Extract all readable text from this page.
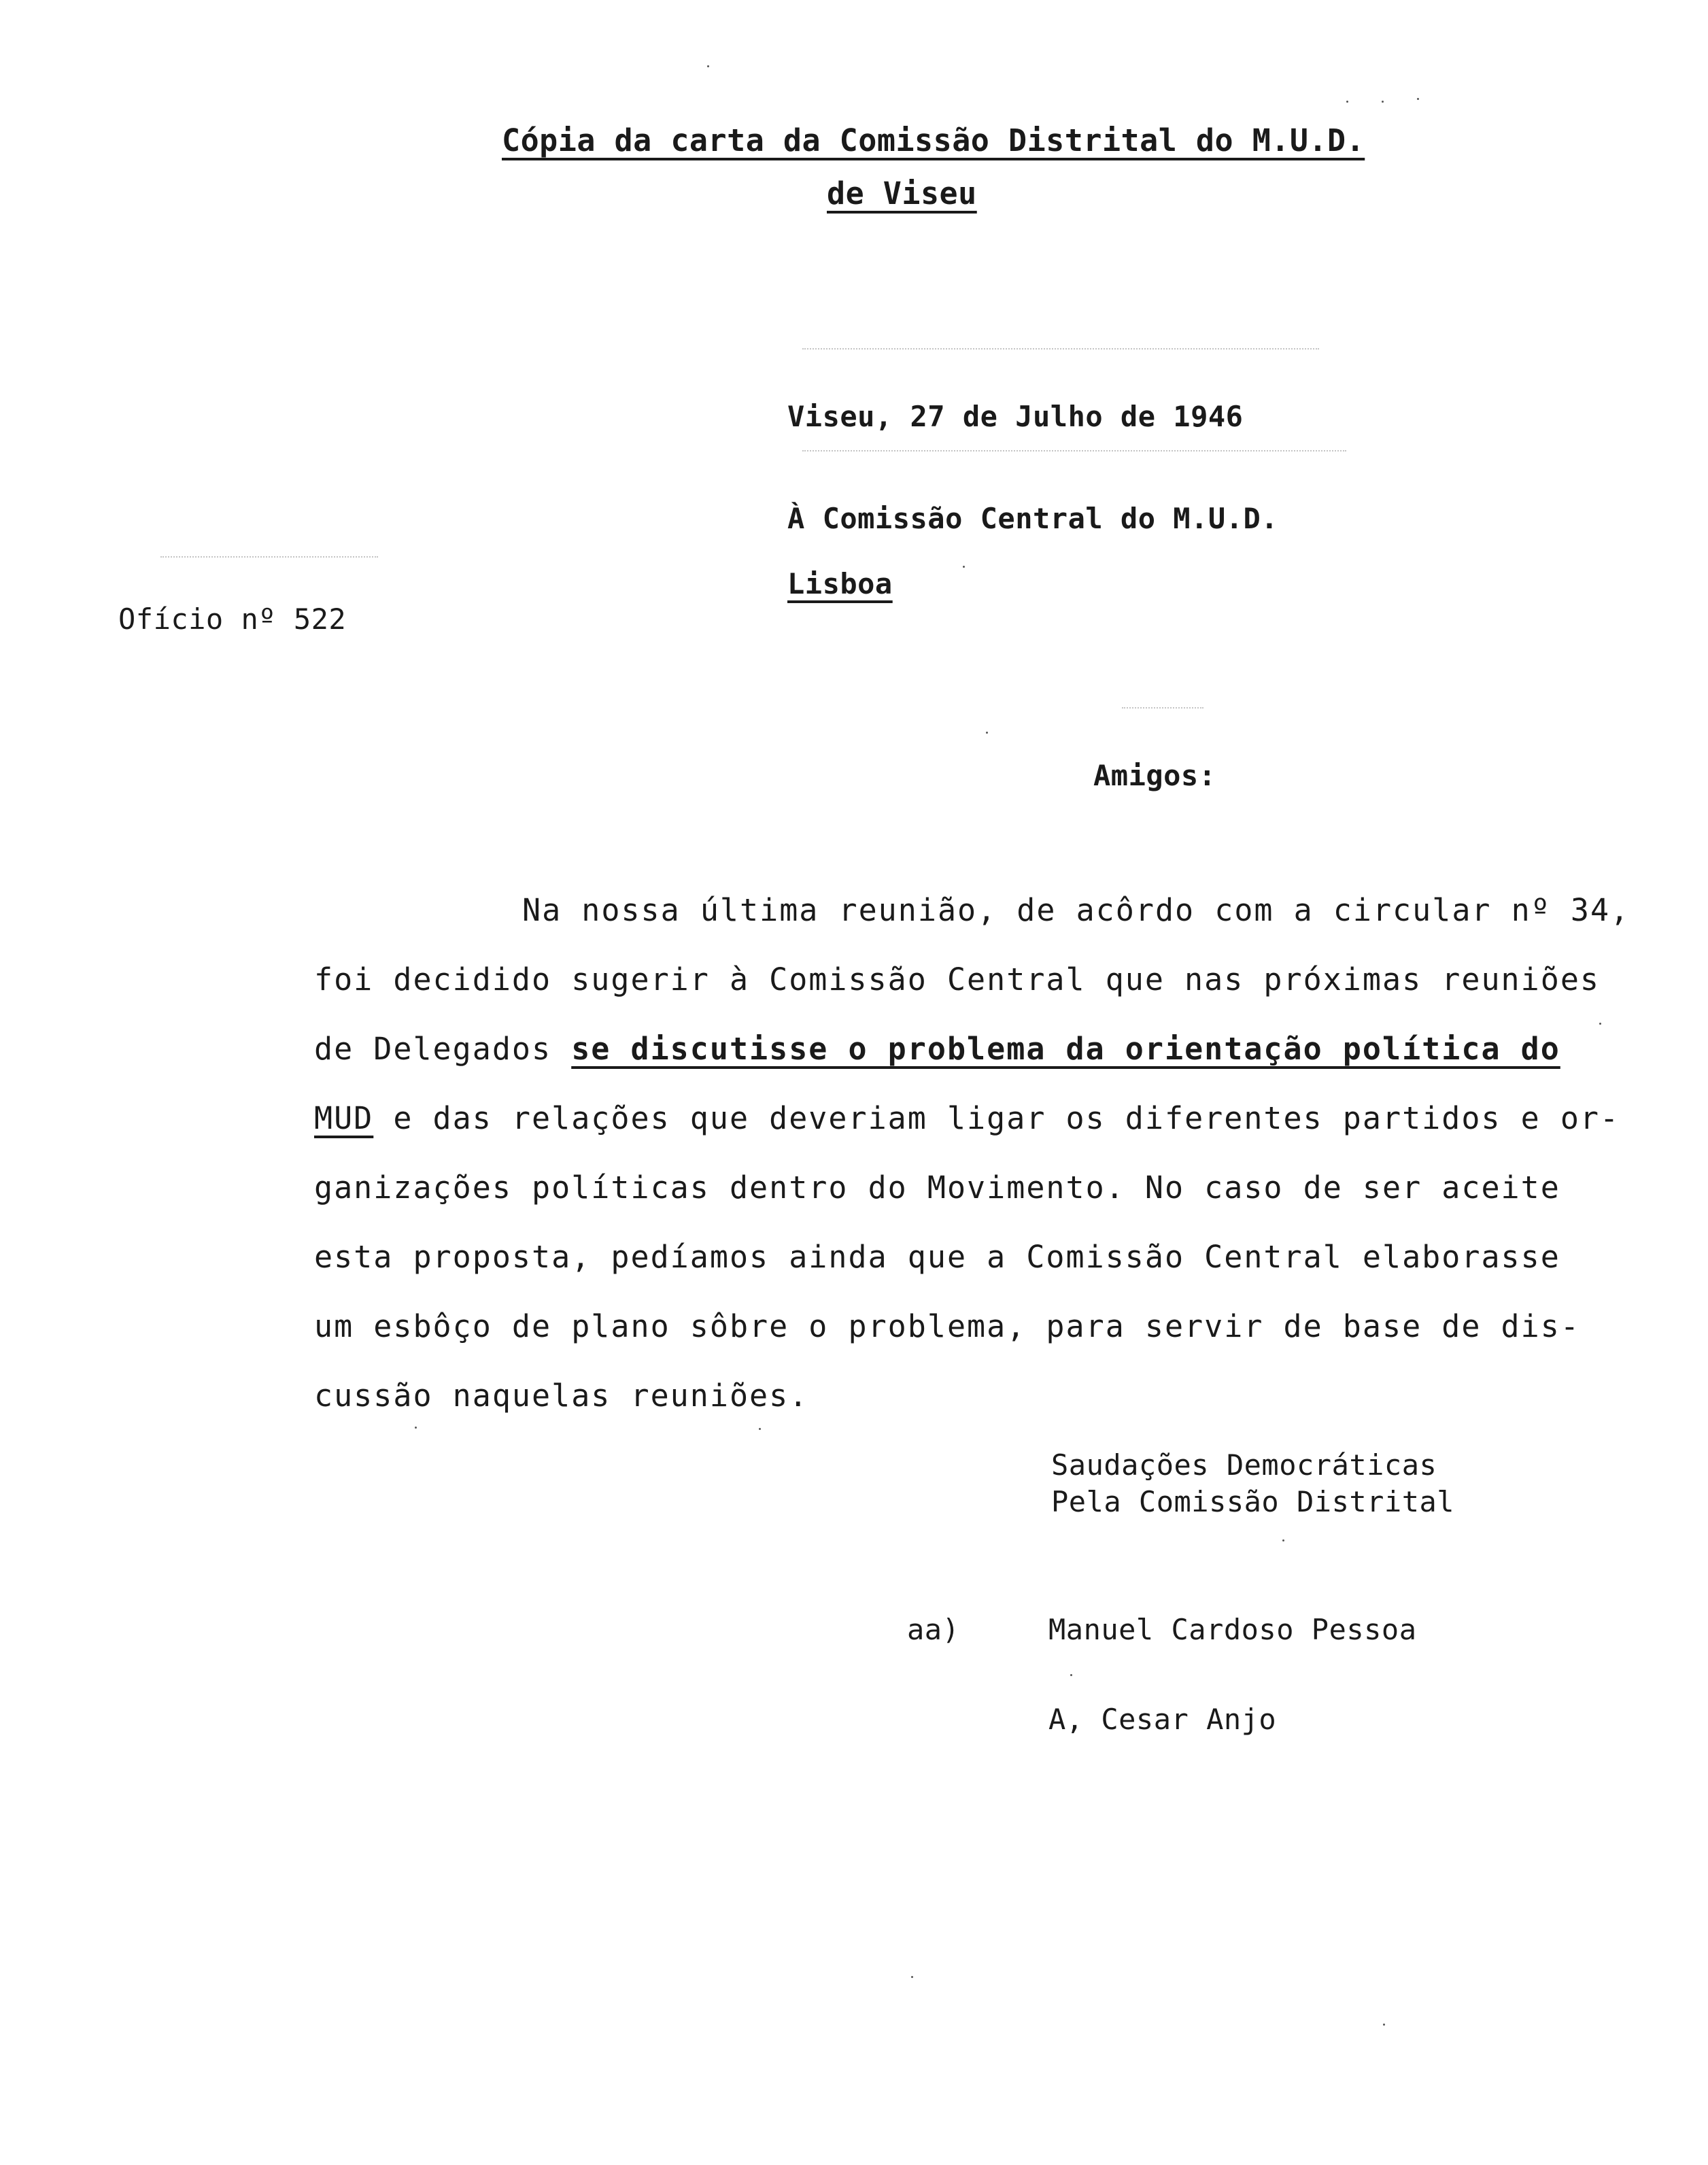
Cópia da carta da Comissão Distrital do M.U.D.
de Viseu
Viseu, 27 de Julho de 1946
À Comissão Central do M.U.D.
Lisboa
Ofício nº 522
Amigos:
Na nossa última reunião, de acôrdo com a circular nº 34,
foi decidido sugerir à Comissão Central que nas próximas reuniões
de Delegados se discutisse o problema da orientação política do
MUD e das relações que deveriam ligar os diferentes partidos e or-
ganizações políticas dentro do Movimento. No caso de ser aceite
esta proposta, pedíamos ainda que a Comissão Central elaborasse
um esbôço de plano sôbre o problema, para servir de base de dis-
cussão naquelas reuniões.
Saudações Democráticas
Pela Comissão Distrital
aa)	Manuel Cardoso Pessoa
A, Cesar Anjo
